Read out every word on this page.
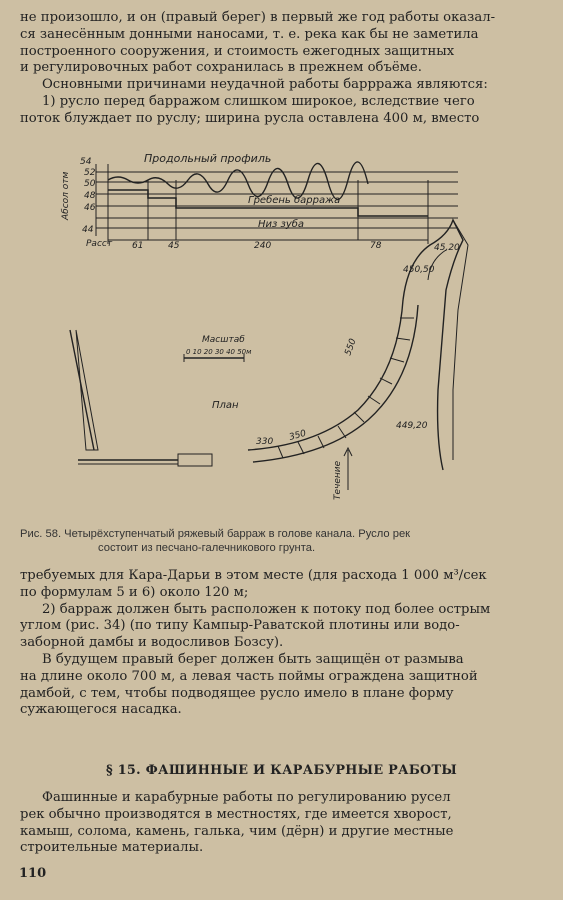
не произошло, и он (правый берег) в первый же год работы оказал-
ся занесённым донными наносами, т. е. река как бы не заметила
построенного сооружения, и стоимость ежегодных защитных
и регулировочных работ сохранилась в прежнем объёме.
Основными причинами неудачной работы баррража являются:
1) русло перед барражом слишком широкое, вследствие чего
поток блуждает по руслу; ширина русла оставлена 400 м, вместо
Продольный профиль
Абсол отм
54
52
50
48
46
44
Гребень барража
Низ зуба
Расст 61	45	240	78	45,20
450,50
550
449,20
330 350
Масштаб
0 10 20 30 40 50м
План
Течение
Рис. 58. Четырёхступенчатый ряжевый барраж в голове канала. Русло рек
состоит из песчано-галечникового грунта.
требуемых для Кара-Дарьи в этом месте (для расхода 1 000 м³/сек
по формулам 5 и 6) около 120 м;
2) барраж должен быть расположен к потоку под более острым
углом (рис. 34) (по типу Кампыр-Раватской плотины или водо-
заборной дамбы и водосливов Бозсу).
В будущем правый берег должен быть защищён от размыва
на длине около 700 м, а левая часть поймы ограждена защитной
дамбой, с тем, чтобы подводящее русло имело в плане форму
сужающегося насадка.
§ 15. ФАШИННЫЕ И КАРАБУРНЫЕ РАБОТЫ
Фашинные и карабурные работы по регулированию русел
рек обычно производятся в местностях, где имеется хворост,
камыш, солома, камень, галька, чим (дёрн) и другие местные
строительные материалы.
110
